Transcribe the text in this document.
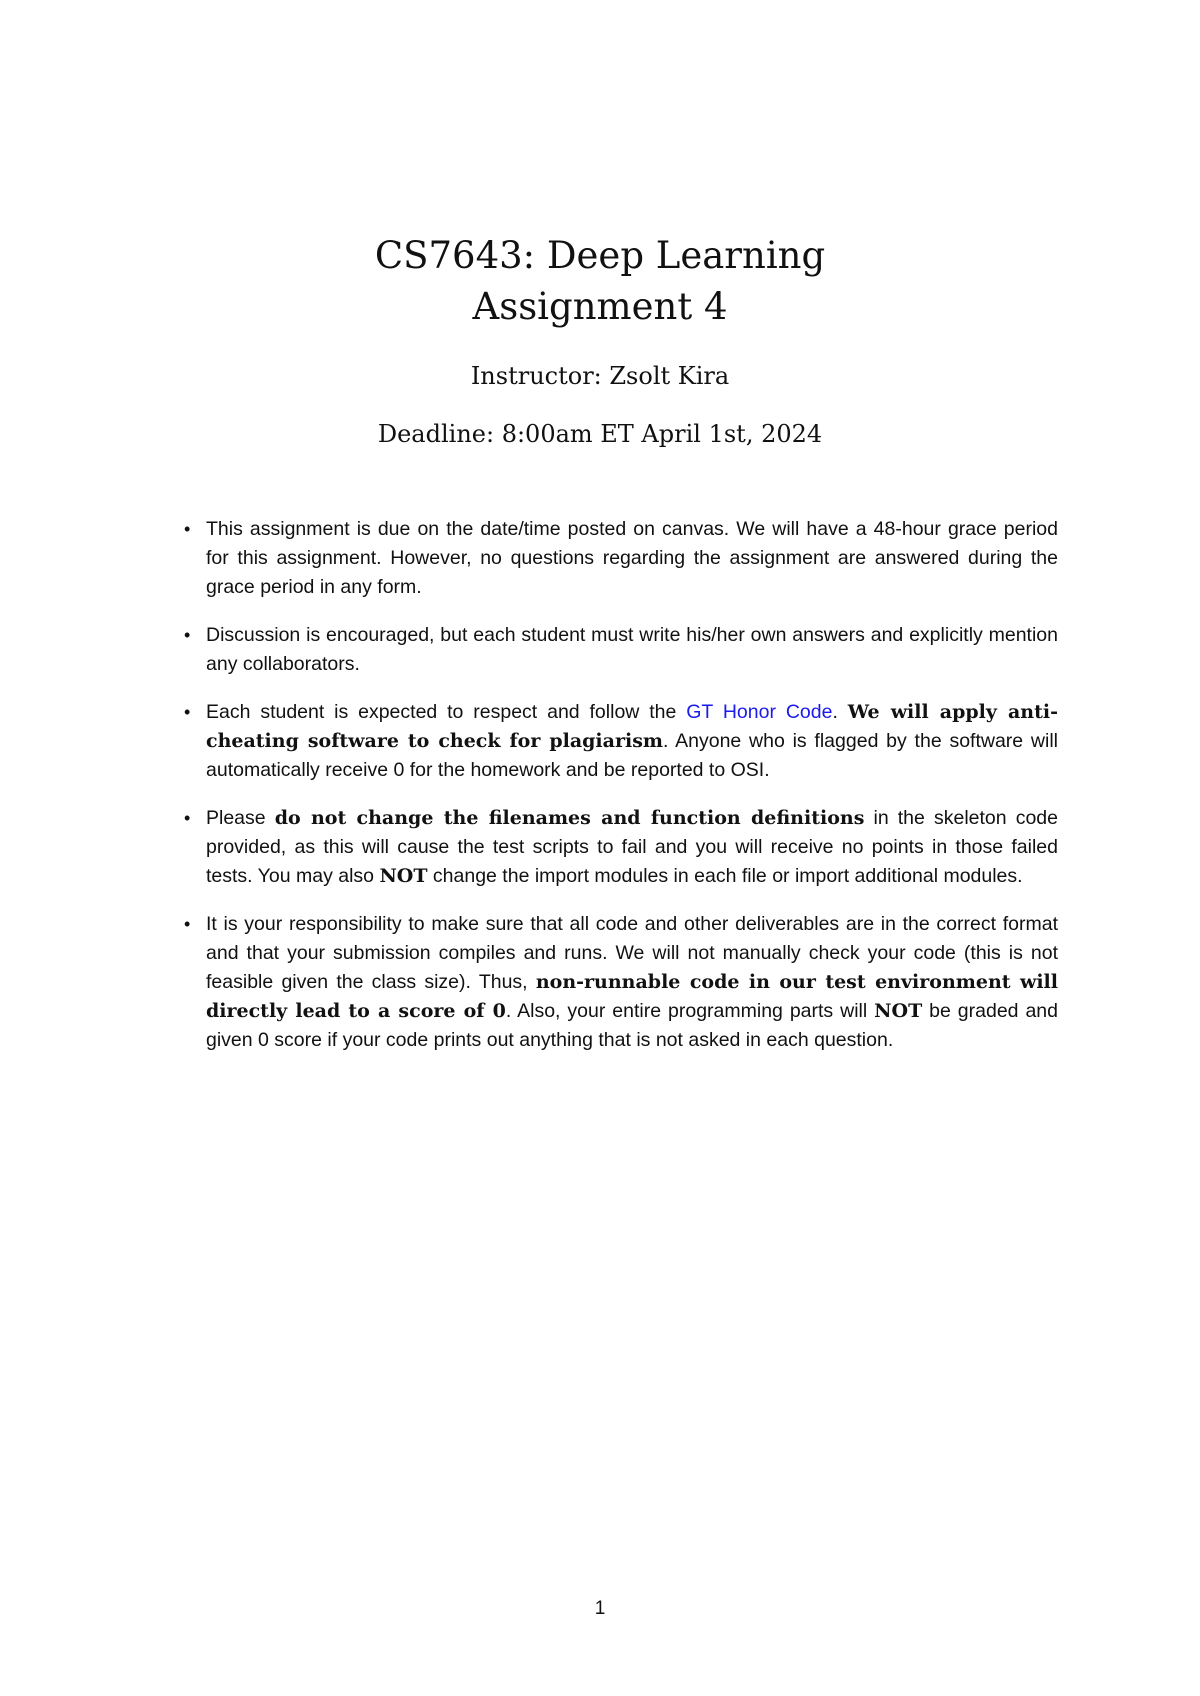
CS7643: Deep Learning
Assignment 4
Instructor: Zsolt Kira
Deadline: 8:00am ET April 1st, 2024
• This assignment is due on the date/time posted on canvas. We will have a 48-hour grace period for this assignment. However, no questions regarding the assignment are answered during the grace period in any form.
• Discussion is encouraged, but each student must write his/her own answers and explicitly mention any collaborators.
• Each student is expected to respect and follow the GT Honor Code. We will apply anti-cheating software to check for plagiarism. Anyone who is flagged by the software will automatically receive 0 for the homework and be reported to OSI.
• Please do not change the filenames and function definitions in the skeleton code provided, as this will cause the test scripts to fail and you will receive no points in those failed tests. You may also NOT change the import modules in each file or import additional modules.
• It is your responsibility to make sure that all code and other deliverables are in the correct format and that your submission compiles and runs. We will not manually check your code (this is not feasible given the class size). Thus, non-runnable code in our test environment will directly lead to a score of 0. Also, your entire programming parts will NOT be graded and given 0 score if your code prints out anything that is not asked in each question.
1
